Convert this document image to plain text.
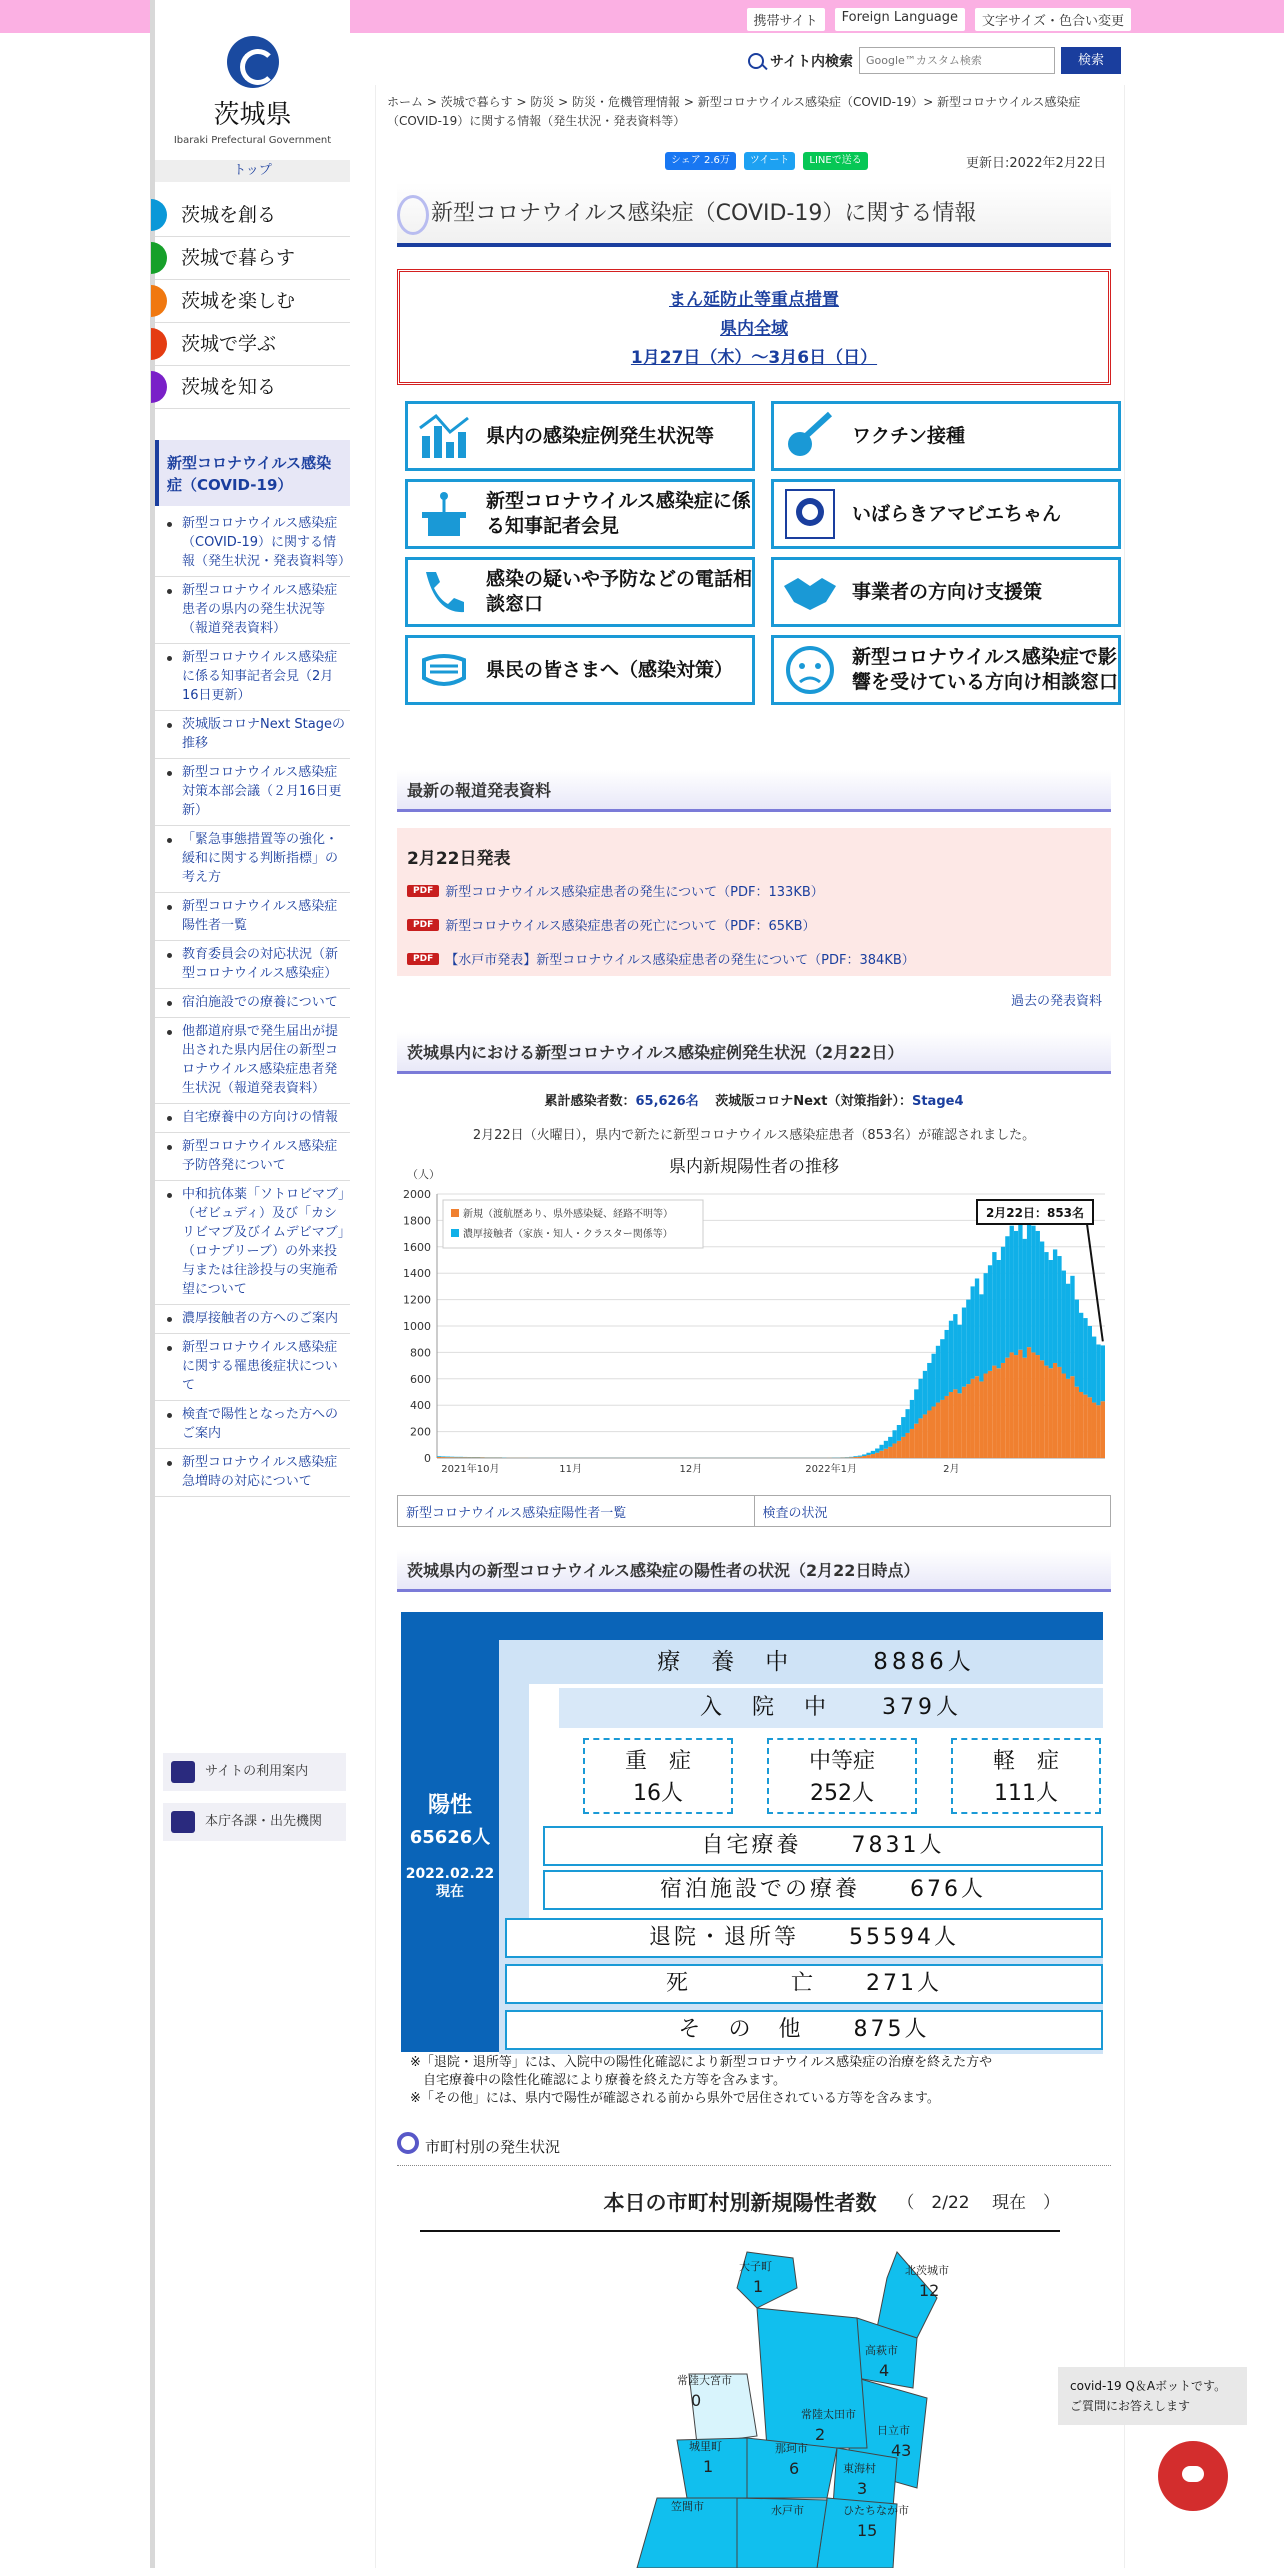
携帯サイト	Foreign Language	文字サイズ・色合い変更
茨城県
Ibaraki Prefectural Government
トップ
茨城を創る
茨城で暮らす
茨城を楽しむ
茨城で学ぶ
茨城を知る
新型コロナウイルス感染症（COVID-19）
新型コロナウイルス感染症（COVID-19）に関する情報（発生状況・発表資料等）
新型コロナウイルス感染症患者の県内の発生状況等（報道発表資料）
新型コロナウイルス感染症に係る知事記者会見（2月16日更新）
茨城版コロナNext Stageの推移
新型コロナウイルス感染症対策本部会議（２月16日更新）
「緊急事態措置等の強化・緩和に関する判断指標」の考え方
新型コロナウイルス感染症陽性者一覧
教育委員会の対応状況（新型コロナウイルス感染症）
宿泊施設での療養について
他都道府県で発生届出が提出された県内居住の新型コロナウイルス感染症患者発生状況（報道発表資料）
自宅療養中の方向けの情報
新型コロナウイルス感染症予防啓発について
中和抗体薬「ソトロビマブ」（ゼビュディ）及び「カシリビマブ及びイムデビマブ」（ロナプリーブ）の外来投与または往診投与の実施希望について
濃厚接触者の方へのご案内
新型コロナウイルス感染症に関する罹患後症状について
検査で陽性となった方へのご案内
新型コロナウイルス感染症急増時の対応について
サイトの利用案内
本庁各課・出先機関
サイト内検索
Google™カスタム検索	検索
ホーム > 茨城で暮らす > 防災 > 防災・危機管理情報 > 新型コロナウイルス感染症（COVID-19）> 新型コロナウイルス感染症（COVID-19）に関する情報（発生状況・発表資料等）
シェア 2.6万	ツイート	LINEで送る	更新日:2022年2月22日
新型コロナウイルス感染症（COVID-19）に関する情報
まん延防止等重点措置
県内全域
1月27日（木）～3月6日（日）
県内の感染症例発生状況等	ワクチン接種
新型コロナウイルス感染症に係る知事記者会見
いばらきアマビエちゃん
感染の疑いや予防などの電話相談窓口
事業者の方向け支援策
県民の皆さまへ（感染対策）
新型コロナウイルス感染症で影響を受けている方向け相談窓口
最新の報道発表資料
2月22日発表
PDF 新型コロナウイルス感染症患者の発生について（PDF：133KB）
PDF 新型コロナウイルス感染症患者の死亡について（PDF：65KB）
PDF 【水戸市発表】新型コロナウイルス感染症患者の発生について（PDF：384KB）
過去の発表資料
茨城県内における新型コロナウイルス感染症例発生状況（2月22日）
累計感染者数：65,626名 茨城版コロナNext（対策指針）：Stage4
2月22日（火曜日），県内で新たに新型コロナウイルス感染症患者（853名）が確認されました。
県内新規陽性者の推移
（人）
0
200
400
600
800
1000
1200
1400
1600
1800
2000
2021年10月	11月	12月	2022年1月	2月
新規（渡航歴あり、県外感染疑、経路不明等）
濃厚接触者（家族・知人・クラスター関係等）
2月22日：853名
新型コロナウイルス感染症陽性者一覧	検査の状況
茨城県内の新型コロナウイルス感染症の陽性者の状況（2月22日時点）
陽性
65626人
2022.02.22
現在
療　養　中　　　8886人
入　院　中　　379人
重　症
16人
中等症
252人
軽　症
111人
自宅療養　　7831人
宿泊施設での療養　　676人
退院・退所等　　55594人
死　　　　亡　　271人
そ　の　他　　875人
※「退院・退所等」には、入院中の陽性化確認により新型コロナウイルス感染症の治療を終えた方や
　自宅療養中の陰性化確認により療養を終えた方等を含みます。
※「その他」には、県内で陽性が確認される前から県外で居住されている方等を含みます。
市町村別の発生状況
本日の市町村別新規陽性者数 （　2/22　 現在　）
大子町
1
北茨城市
12
高萩市
4
常陸大宮市
0
日立市
43
常陸太田市
2
城里町
1
那珂市
6	東海村
3
ひたちなか市
15
笠間市	水戸市
covid-19 Q＆Aボットです。ご質問にお答えします
